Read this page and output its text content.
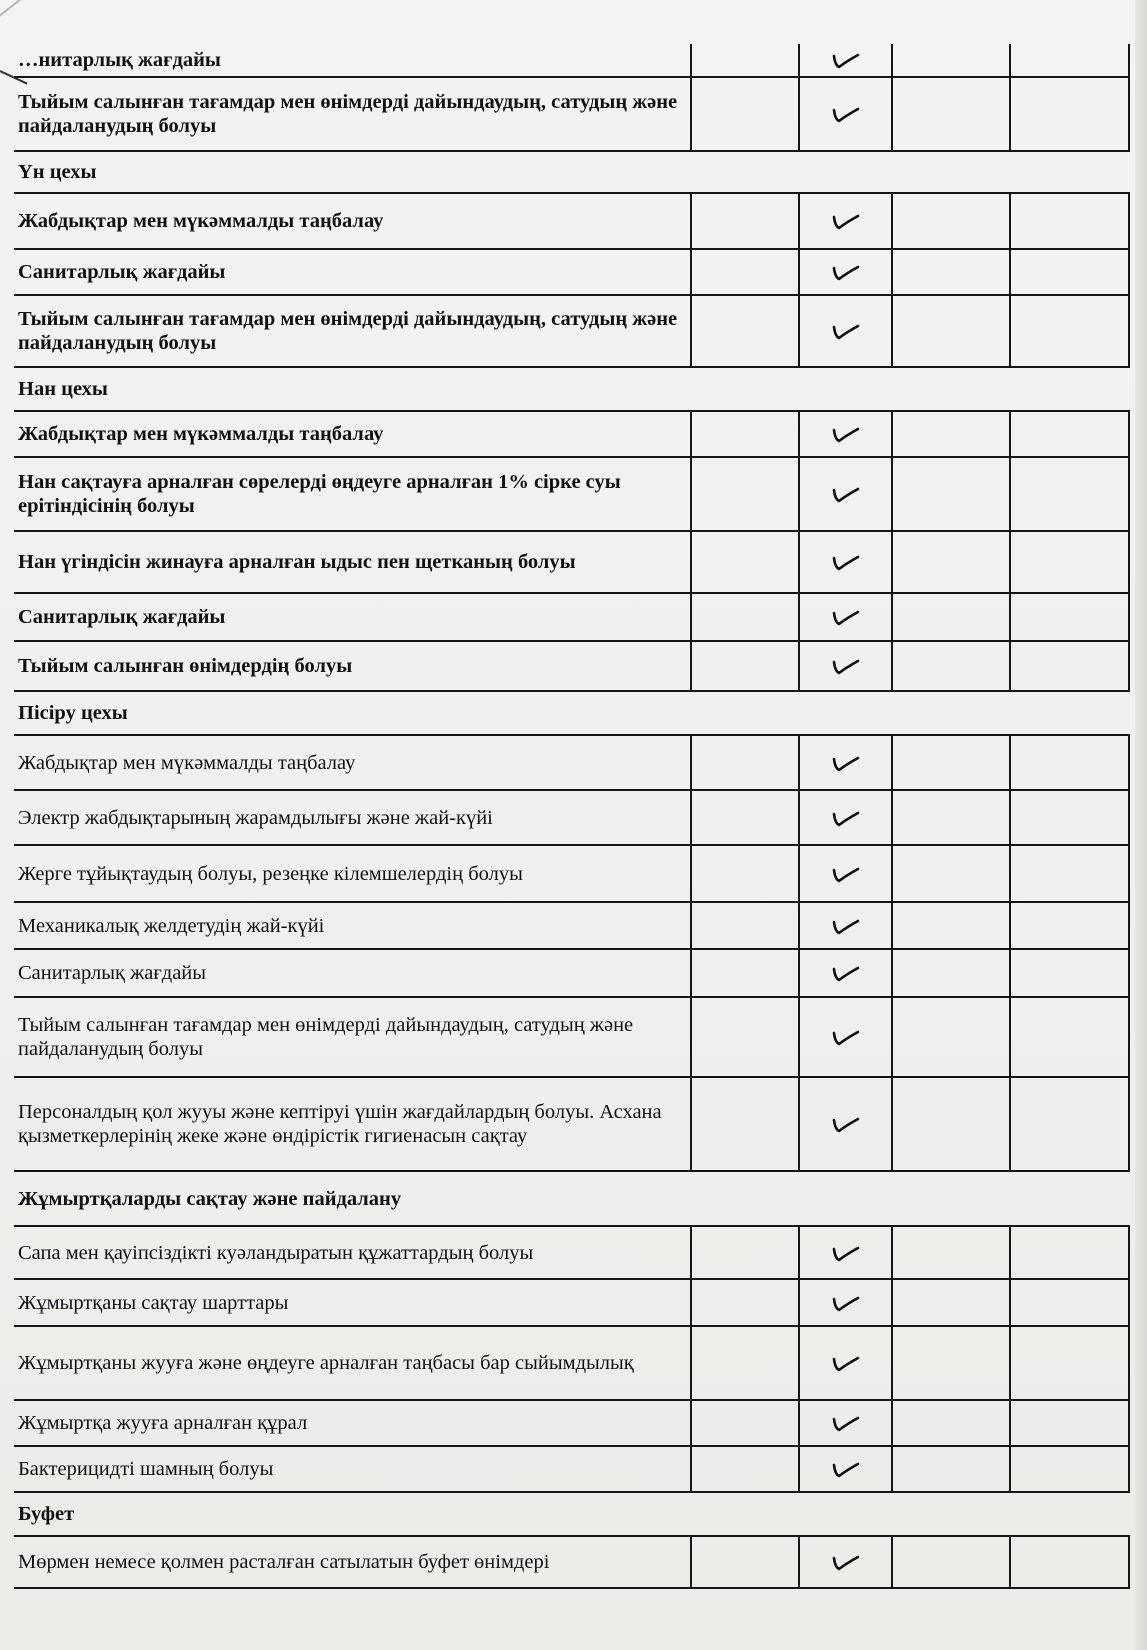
…нитарлық жағдайы
Тыйым салынған тағамдар мен өнімдерді дайындаудың, сатудың және пайдаланудың болуы
Үн цехы
Жабдықтар мен мүкәммалды таңбалау
Санитарлық жағдайы
Тыйым салынған тағамдар мен өнімдерді дайындаудың, сатудың және пайдаланудың болуы
Нан цехы
Жабдықтар мен мүкәммалды таңбалау
Нан сақтауға арналған сөрелерді өңдеуге арналған 1% сірке суы ерітіндісінің болуы
Нан үгіндісін жинауға арналған ыдыс пен щетканың болуы
Санитарлық жағдайы
Тыйым салынған өнімдердің болуы
Пісіру цехы
Жабдықтар мен мүкәммалды таңбалау
Электр жабдықтарының жарамдылығы және жай-күйі
Жерге тұйықтаудың болуы, резеңке кілемшелердің болуы
Механикалық желдетудің жай-күйі
Санитарлық жағдайы
Тыйым салынған тағамдар мен өнімдерді дайындаудың, сатудың және пайдаланудың болуы
Персоналдың қол жууы және кептіруі үшін жағдайлардың болуы. Асхана қызметкерлерінің жеке және өндірістік гигиенасын сақтау
Жұмыртқаларды сақтау және пайдалану
Сапа мен қауіпсіздікті куәландыратын құжаттардың болуы
Жұмыртқаны сақтау шарттары
Жұмыртқаны жууға және өңдеуге арналған таңбасы бар сыйымдылық
Жұмыртқа жууға арналған құрал
Бактерицидті шамның болуы
Буфет
Мөрмен немесе қолмен расталған сатылатын буфет өнімдері
